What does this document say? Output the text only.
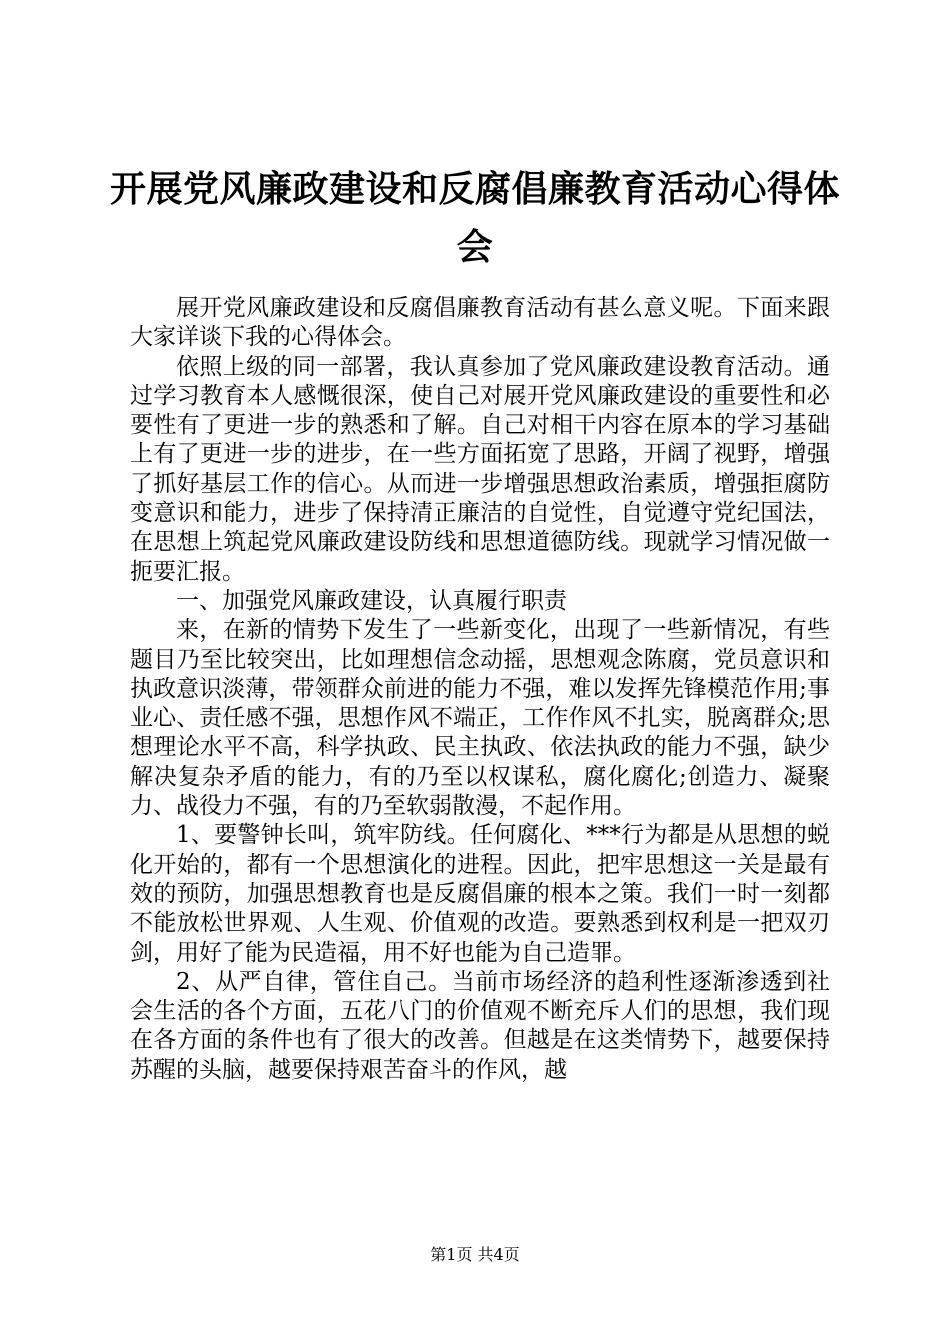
开展党风廉政建设和反腐倡廉教育活动心得体会

展开党风廉政建设和反腐倡廉教育活动有甚么意义呢。下面来跟大家详谈下我的心得体会。

依照上级的同一部署，我认真参加了党风廉政建设教育活动。通过学习教育本人感慨很深，使自己对展开党风廉政建设的重要性和必要性有了更进一步的熟悉和了解。自己对相干内容在原本的学习基础上有了更进一步的进步，在一些方面拓宽了思路，开阔了视野，增强了抓好基层工作的信心。从而进一步增强思想政治素质，增强拒腐防变意识和能力，进步了保持清正廉洁的自觉性，自觉遵守党纪国法，在思想上筑起党风廉政建设防线和思想道德防线。现就学习情况做一扼要汇报。

一、加强党风廉政建设，认真履行职责

来，在新的情势下发生了一些新变化，出现了一些新情况，有些题目乃至比较突出，比如理想信念动摇，思想观念陈腐，党员意识和执政意识淡薄，带领群众前进的能力不强，难以发挥先锋模范作用;事业心、责任感不强，思想作风不端正，工作作风不扎实，脱离群众;思想理论水平不高，科学执政、民主执政、依法执政的能力不强，缺少解决复杂矛盾的能力，有的乃至以权谋私，腐化腐化;创造力、凝聚力、战役力不强，有的乃至软弱散漫，不起作用。

1、要警钟长叫，筑牢防线。任何腐化、***行为都是从思想的蜕化开始的，都有一个思想演化的进程。因此，把牢思想这一关是最有效的预防，加强思想教育也是反腐倡廉的根本之策。我们一时一刻都不能放松世界观、人生观、价值观的改造。要熟悉到权利是一把双刃剑，用好了能为民造福，用不好也能为自己造罪。

2、从严自律，管住自己。当前市场经济的趋利性逐渐渗透到社会生活的各个方面，五花八门的价值观不断充斥人们的思想，我们现在各方面的条件也有了很大的改善。但越是在这类情势下，越要保持苏醒的头脑，越要保持艰苦奋斗的作风，越

第1页 共4页
